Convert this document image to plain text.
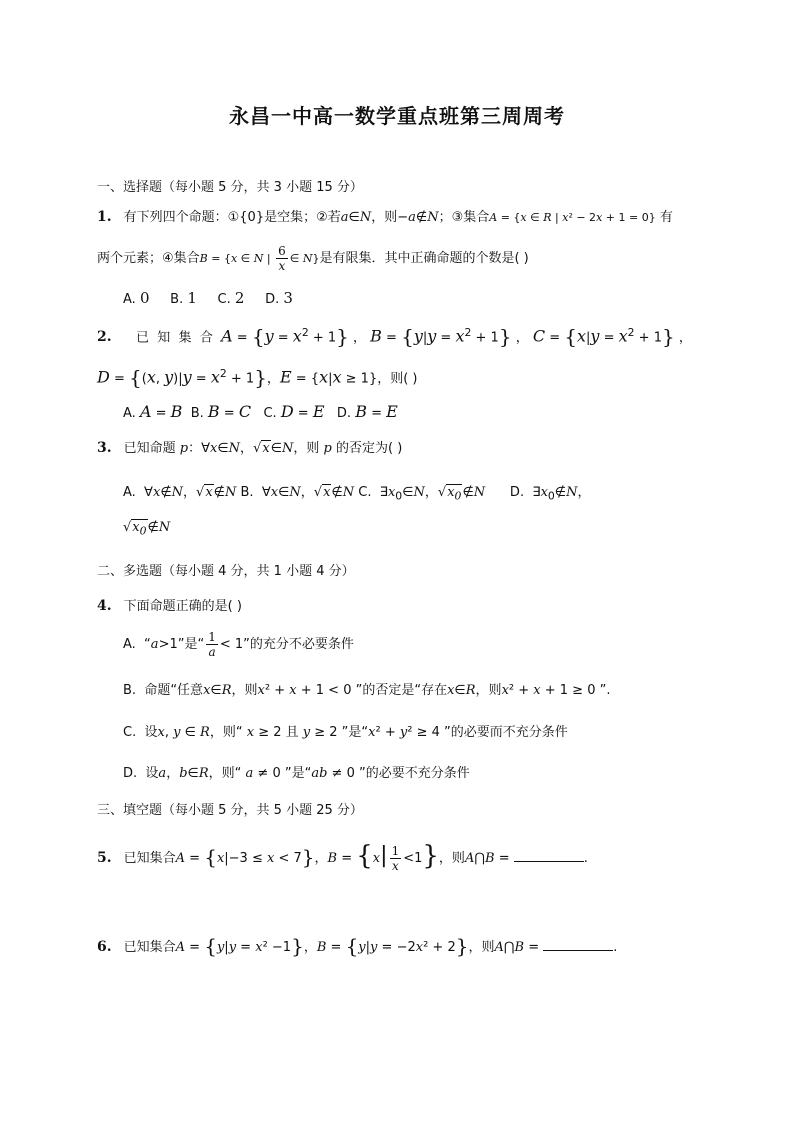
永昌一中高一数学重点班第三周周考
一、选择题（每小题 5 分，共 3 小题 15 分）
1. 有下列四个命题：①{0}是空集；②若a∈N，则−a∉N；③集合A = {x ∈ R | x² − 2x + 1 = 0} 有
两个元素；④集合B = {x ∈ N | $\frac{6}{x}$ ∈ N}是有限集．其中正确命题的个数是( )
A. 0     B. 1     C. 2     D. 3
2.   已  知  集  合  $A = \{y = x^2 + 1\}$ ， $B = \{y|y = x^2 + 1\}$ ， $C = \{x|y = x^2 + 1\}$ ，
D = {(x, $y)|y = x^2 + 1$}，E = {x|x ≥ 1}，则( )
A. A = B  B. B = C   C. D = E   D. B = E
3. 已知命题 p：∀x∈N，√x∈N，则 p 的否定为( )
A.  ∀x∉N，√x∉N B.  ∀x∈N，√x∉N C.  $\exists x_0\in N$，$√x_0\notin N$      D.  $\exists x_0\notin N$，
$√x_0\notin N$
二、多选题（每小题 4 分，共 1 小题 4 分）
4. 下面命题正确的是( )
A.  “a>1”是“ $\frac{1}{a} < 1$”的充分不必要条件
B.  命题“任意x∈R，则x² + x + 1 < 0 ”的否定是“存在x∈R，则x² + x + 1 ≥ 0 ”.
C.  设x, y ∈ R，则“ x ≥ 2 且 y ≥ 2 ”是“x² + y² ≥ 4 ”的必要而不充分条件
D.  设a，b∈R，则“ a ≠ 0 ”是“ab ≠ 0 ”的必要不充分条件
三、填空题（每小题 5 分，共 5 小题 25 分）
5. 已知集合A = {x|−3 ≤ x < 7}，$B = \{x| \frac{1}{x} <1\}$，则A⋂B =	.
6. 已知集合A = {y|y = x² −1}，B = {y|y = −2x² + 2}，则A⋂B =	.
